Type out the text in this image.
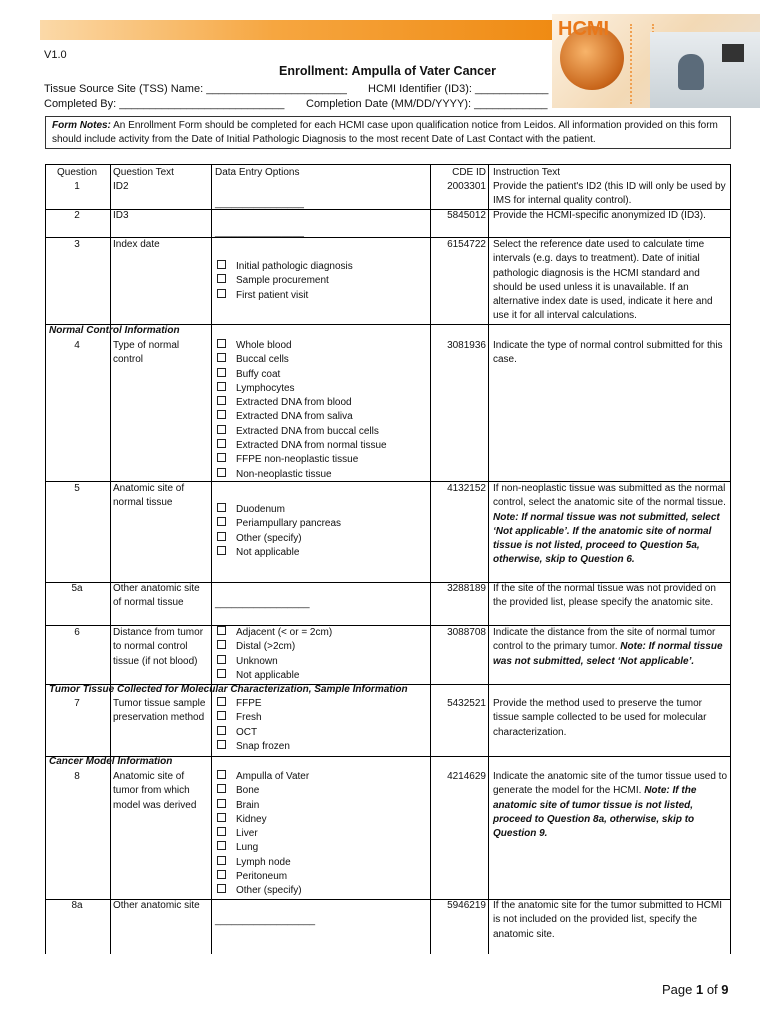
HCMI
V1.0
Enrollment: Ampulla of Vater Cancer
Tissue Source Site (TSS) Name: _______________________ HCMI Identifier (ID3): ____________
Completed By: ___________________________ Completion Date (MM/DD/YYYY): ____________
Form Notes: An Enrollment Form should be completed for each HCMI case upon qualification notice from Leidos. All information provided on this form should include activity from the Date of Initial Pathologic Diagnosis to the most recent Date of Last Contact with the patient.
Question	Question Text	Data Entry Options	CDE ID Instruction Text
1	ID2
________________
2003301 Provide the patient's ID2 (this ID will only be used by IMS for internal quality control).
2	ID3
________________
5845012 Provide the HCMI-specific anonymized ID (ID3).
3	Index date
Initial pathologic diagnosis
Sample procurement
First patient visit
6154722 Select the reference date used to calculate time intervals (e.g. days to treatment). Date of initial pathologic diagnosis is the HCMI standard and should be used unless it is unavailable. If an alternative index date is used, indicate it here and use it for all interval calculations.
Normal Control Information
4	Type of normal control
Whole blood
Buccal cells
Buffy coat
Lymphocytes
Extracted DNA from blood
Extracted DNA from saliva
Extracted DNA from buccal cells
Extracted DNA from normal tissue
FFPE non-neoplastic tissue
Non-neoplastic tissue
3081936 Indicate the type of normal control submitted for this case.
5	Anatomic site of normal tissue
Duodenum
Periampullary pancreas
Other (specify)
Not applicable
4132152 If non-neoplastic tissue was submitted as the normal control, select the anatomic site of the normal tissue. Note: If normal tissue was not submitted, select ‘Not applicable’. If the anatomic site of normal tissue is not listed, proceed to Question 5a, otherwise, skip to Question 6.
5a	Other anatomic site of normal tissue	_________________
3288189 If the site of the normal tissue was not provided on the provided list, please specify the anatomic site.
6	Distance from tumor to normal control tissue (if not blood)
Adjacent (< or = 2cm)
Distal (>2cm)
Unknown
Not applicable
3088708 Indicate the distance from the site of normal tumor control to the primary tumor. Note: If normal tissue was not submitted, select ‘Not applicable’.
Tumor Tissue Collected for Molecular Characterization, Sample Information
7	Tumor tissue sample preservation method
FFPE
Fresh
OCT
Snap frozen
5432521 Provide the method used to preserve the tumor tissue sample collected to be used for molecular characterization.
Cancer Model Information
8	Anatomic site of tumor from which model was derived
Ampulla of Vater
Bone
Brain
Kidney
Liver
Lung
Lymph node
Peritoneum
Other (specify)
4214629 Indicate the anatomic site of the tumor tissue used to generate the model for the HCMI. Note: If the anatomic site of tumor tissue is not listed, proceed to Question 8a, otherwise, skip to Question 9.
8a	Other anatomic site
__________________
5946219 If the anatomic site for the tumor submitted to HCMI is not included on the provided list, specify the anatomic site.
Page 1 of 9
